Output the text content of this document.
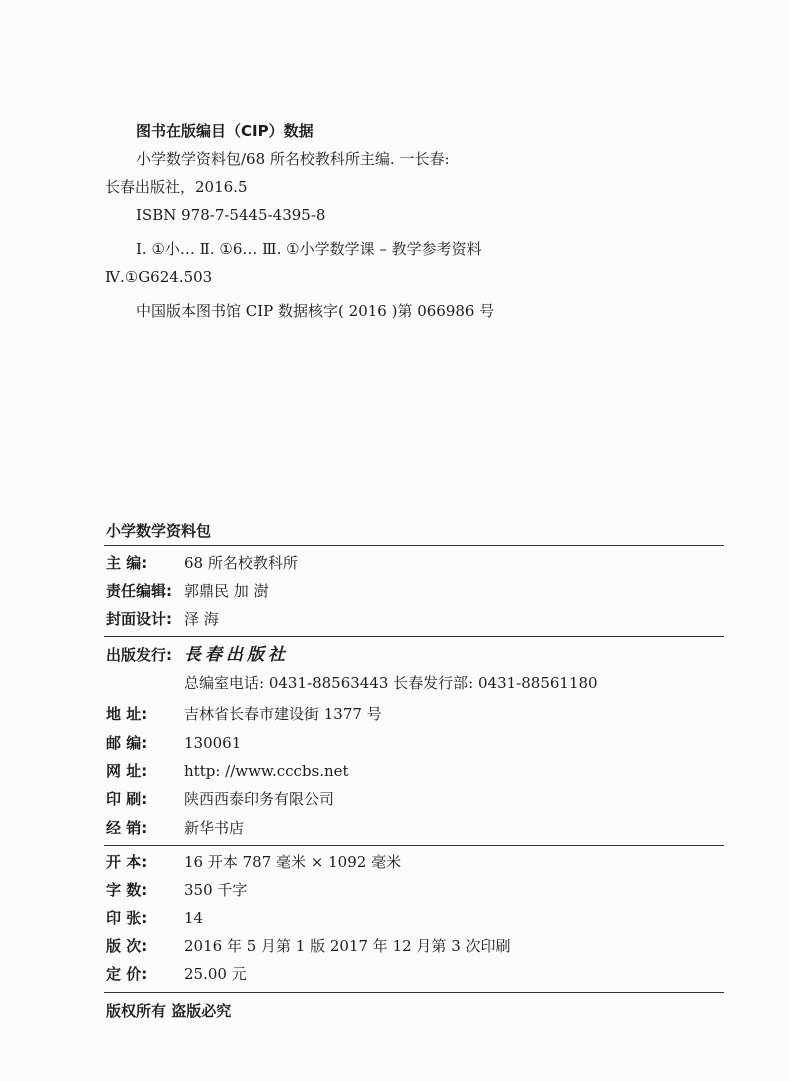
图书在版编目（CIP）数据
小学数学资料包/68 所名校教科所主编. 一长春:
长春出版社，2016.5
ISBN 978-7-5445-4395-8
Ⅰ. ①小… Ⅱ. ①6… Ⅲ. ①小学数学课 – 教学参考资料
Ⅳ.①G624.503
中国版本图书馆 CIP 数据核字( 2016 )第 066986 号
小学数学资料包
主 编: 68 所名校教科所
责任编辑: 郭鼎民 加 澍
封面设计: 泽 海
出版发行: 長春出版社
总编室电话: 0431-88563443 长春发行部: 0431-88561180
地 址: 吉林省长春市建设街 1377 号
邮 编: 130061
网 址: http: //www.cccbs.net
印 刷: 陕西西泰印务有限公司
经 销: 新华书店
开 本: 16 开本 787 毫米 × 1092 毫米
字 数: 350 千字
印 张: 14
版 次: 2016 年 5 月第 1 版 2017 年 12 月第 3 次印刷
定 价: 25.00 元
版权所有 盗版必究
